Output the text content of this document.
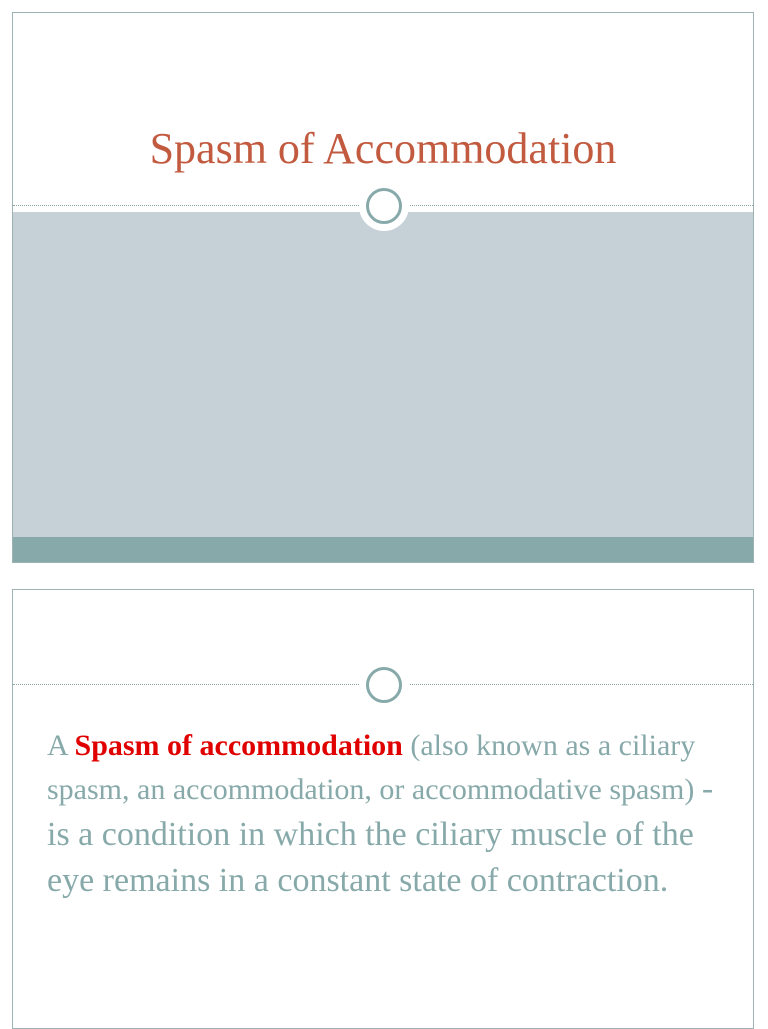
Spasm of Accommodation

A Spasm of accommodation (also known as a ciliary spasm, an accommodation, or accommodative spasm) - is a condition in which the ciliary muscle of the eye remains in a constant state of contraction.
